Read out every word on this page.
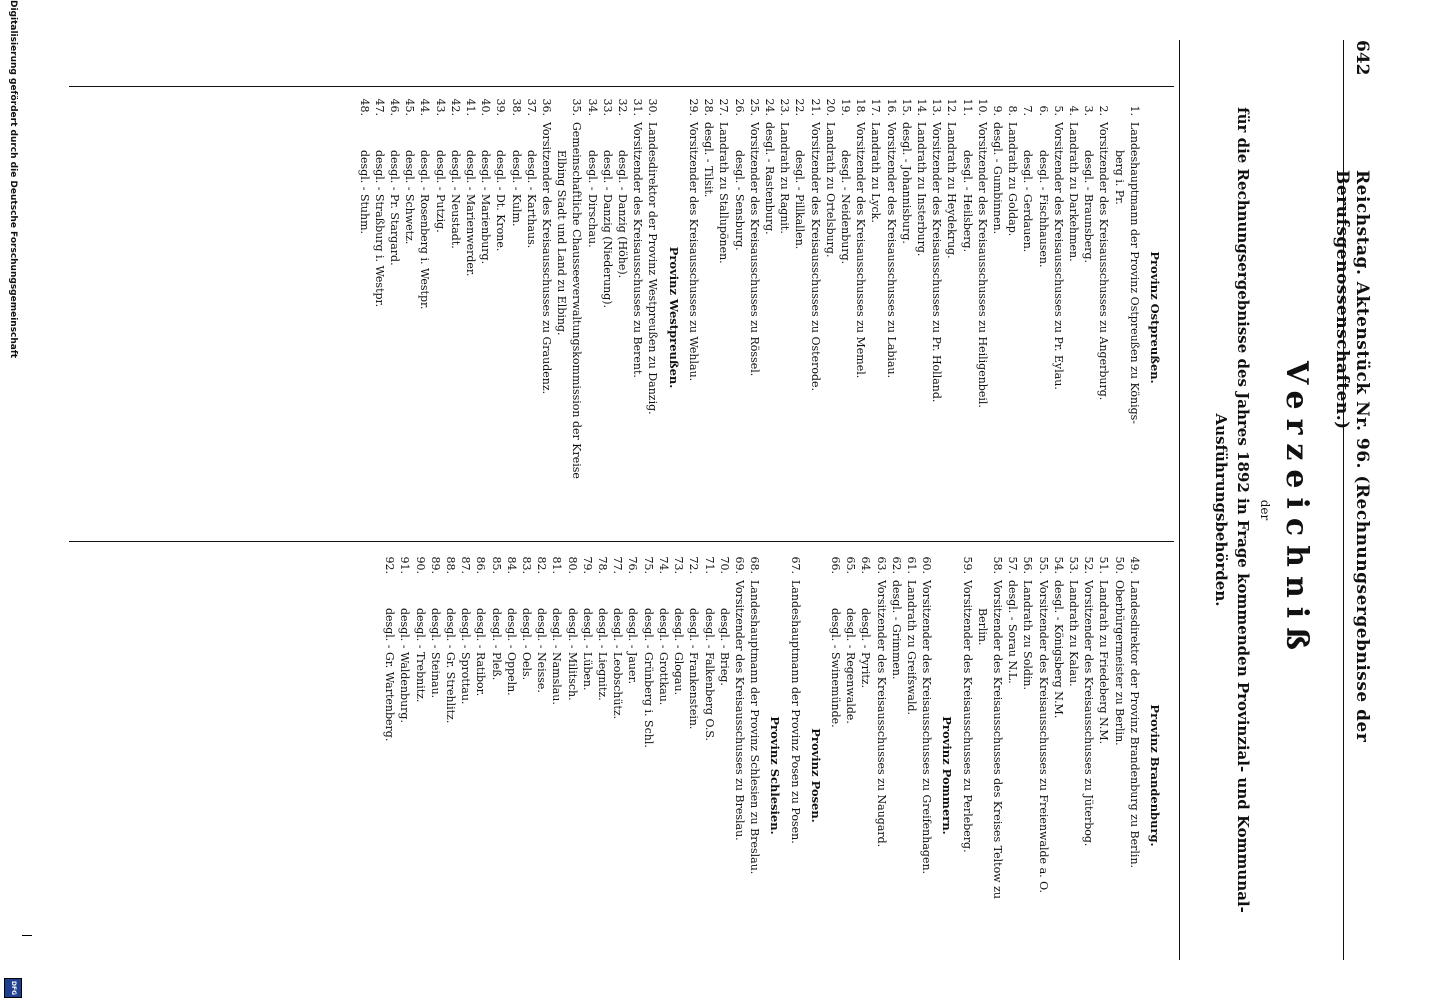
642
Reichstag. Aktenstück Nr. 96. (Rechnungsergebnisse der Berufsgenossenschaften.)
Verzeichniß
der
für die Rechnungsergebnisse des Jahres 1892 in Frage kommenden Provinzial- und Kommunal-Ausführungsbehörden.
Provinz Ostpreußen.
1.
Landeshauptmann der Provinz Ostpreußen zu Königs-
berg i. Pr.
2.
Vorsitzender des Kreisausschusses zu Angerburg.
3.
desgl. - Braunsberg.
4.
Landrath zu Darkehmen.
5.
Vorsitzender des Kreisausschusses zu Pr. Eylau.
6.
desgl. - Fischhausen.
7.
desgl. - Gerdauen.
8.
Landrath zu Goldap.
9.
desgl. - Gumbinnen.
10.
Vorsitzender des Kreisausschusses zu Heiligenbeil.
11.
desgl. - Heilsberg.
12.
Landrath zu Heydekrug.
13.
Vorsitzender des Kreisausschusses zu Pr. Holland.
14.
Landrath zu Insterburg.
15.
desgl. - Johannisburg.
16.
Vorsitzender des Kreisausschusses zu Labiau.
17.
Landrath zu Lyck.
18.
Vorsitzender des Kreisausschusses zu Memel.
19.
desgl. - Neidenburg.
20.
Landrath zu Ortelsburg.
21.
Vorsitzender des Kreisausschusses zu Osterode.
22.
desgl. - Pillkallen.
23.
Landrath zu Ragnit.
24.
desgl. - Rastenburg.
25.
Vorsitzender des Kreisausschusses zu Rössel.
26.
desgl. - Sensburg.
27.
Landrath zu Stallupönen.
28.
desgl. - Tilsit.
29.
Vorsitzender des Kreisausschusses zu Wehlau.
Provinz Westpreußen.
30.
Landesdirektor der Provinz Westpreußen zu Danzig.
31.
Vorsitzender des Kreisausschusses zu Berent.
32.
desgl. - Danzig (Höhe).
33.
desgl. - Danzig (Niederung).
34.
desgl. - Dirschau.
35.
Gemeinschaftliche Chausseeverwaltungskommission der Kreise
Elbing Stadt und Land zu Elbing.
36.
Vorsitzender des Kreisausschusses zu Graudenz.
37.
desgl. - Karthaus.
38.
desgl. - Kulm.
39.
desgl. - Dt. Krone.
40.
desgl. - Marienburg.
41.
desgl. - Marienwerder.
42.
desgl. - Neustadt.
43.
desgl. - Putzig.
44.
desgl. - Rosenberg i. Westpr.
45.
desgl. - Schwetz.
46.
desgl. - Pr. Stargard.
47.
desgl. - Straßburg i. Westpr.
48.
desgl. - Stuhm.
Provinz Brandenburg.
49.
Landesdirektor der Provinz Brandenburg zu Berlin.
50.
Oberbürgermeister zu Berlin.
51.
Landrath zu Friedeberg N.M.
52.
Vorsitzender des Kreisausschusses zu Jüterbog.
53.
Landrath zu Kalau.
54.
desgl. - Königsberg N.M.
55.
Vorsitzender des Kreisausschusses zu Freienwalde a. O.
56.
Landrath zu Soldin.
57.
desgl. - Sorau N.L.
58.
Vorsitzender des Kreisausschusses des Kreises Teltow zu
Berlin.
59.
Vorsitzender des Kreisausschusses zu Perleberg.
Provinz Pommern.
60.
Vorsitzender des Kreisausschusses zu Greifenhagen.
61.
Landrath zu Greifswald.
62.
desgl. - Grimmen.
63.
Vorsitzender des Kreisausschusses zu Naugard.
64.
desgl. - Pyritz.
65.
desgl. - Regenwalde.
66.
desgl. - Swinemünde.
Provinz Posen.
67.
Landeshauptmann der Provinz Posen zu Posen.
Provinz Schlesien.
68.
Landeshauptmann der Provinz Schlesien zu Breslau.
69.
Vorsitzender des Kreisausschusses zu Breslau.
70.
desgl. - Brieg.
71.
desgl. - Falkenberg O.S.
72.
desgl. - Frankenstein.
73.
desgl. - Glogau.
74.
desgl. - Grottkau.
75.
desgl. - Grünberg i. Schl.
76.
desgl. - Jauer.
77.
desgl. - Leobschütz.
78.
desgl. - Liegnitz.
79.
desgl. - Lüben.
80.
desgl. - Militsch.
81.
desgl. - Namslau.
82.
desgl. - Neisse.
83.
desgl. - Oels.
84.
desgl. - Oppeln.
85.
desgl. - Pleß.
86.
desgl. - Ratibor.
87.
desgl. - Sprottau.
88.
desgl. - Gr. Strehlitz.
89.
desgl. - Steinau.
90.
desgl. - Trebnitz.
91.
desgl. - Waldenburg.
92.
desgl. - Gr. Wartenberg.
Digitalisierung gefördert durch die Deutsche Forschungsgemeinschaft
DFG
